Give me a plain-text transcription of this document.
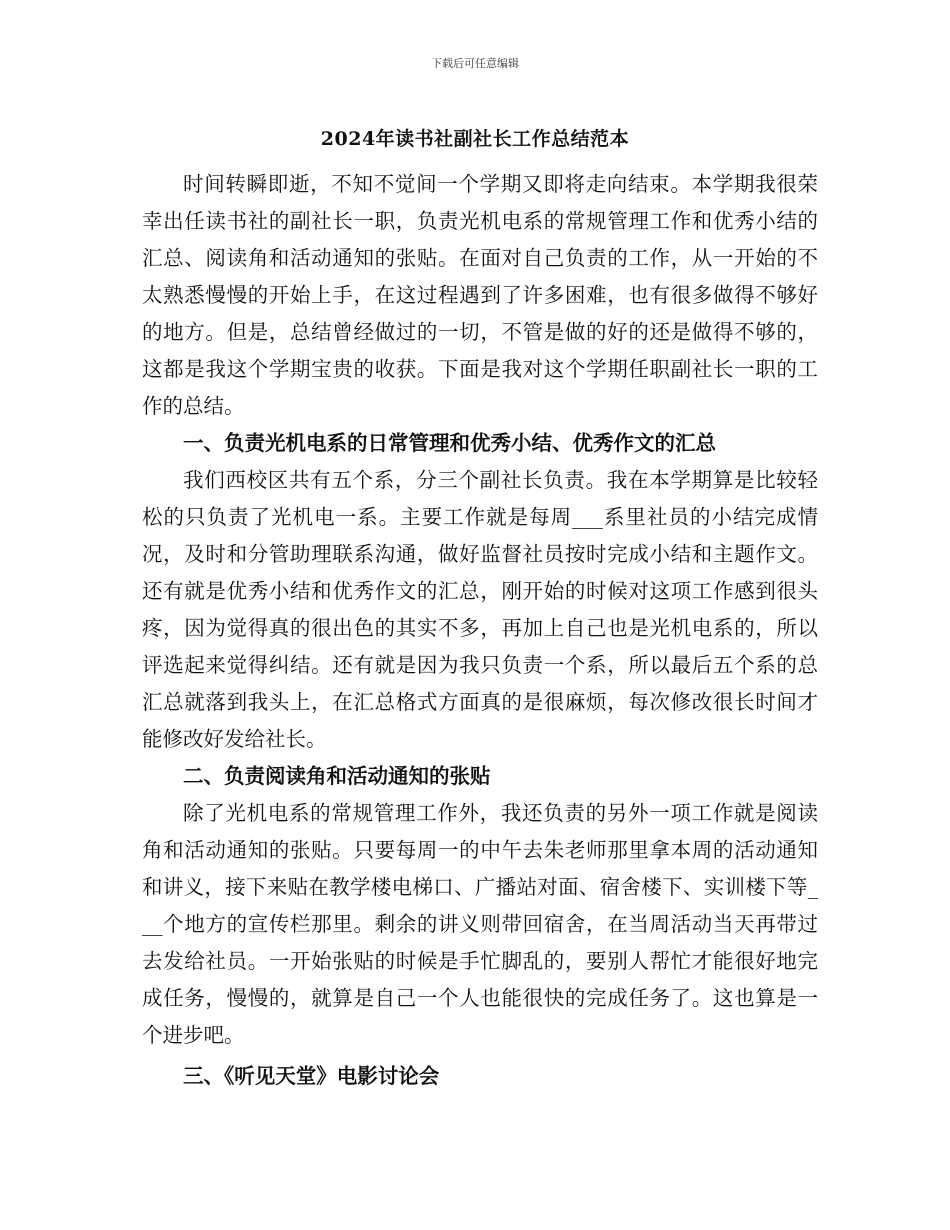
下载后可任意编辑
2024年读书社副社长工作总结范本

时间转瞬即逝，不知不觉间一个学期又即将走向结束。本学期我很荣幸出任读书社的副社长一职，负责光机电系的常规管理工作和优秀小结的汇总、阅读角和活动通知的张贴。在面对自己负责的工作，从一开始的不太熟悉慢慢的开始上手，在这过程遇到了许多困难，也有很多做得不够好的地方。但是，总结曾经做过的一切，不管是做的好的还是做得不够的，这都是我这个学期宝贵的收获。下面是我对这个学期任职副社长一职的工作的总结。

一、负责光机电系的日常管理和优秀小结、优秀作文的汇总

我们西校区共有五个系，分三个副社长负责。我在本学期算是比较轻松的只负责了光机电一系。主要工作就是每周___系里社员的小结完成情况，及时和分管助理联系沟通，做好监督社员按时完成小结和主题作文。还有就是优秀小结和优秀作文的汇总，刚开始的时候对这项工作感到很头疼，因为觉得真的很出色的其实不多，再加上自己也是光机电系的，所以评选起来觉得纠结。还有就是因为我只负责一个系，所以最后五个系的总汇总就落到我头上，在汇总格式方面真的是很麻烦，每次修改很长时间才能修改好发给社长。

二、负责阅读角和活动通知的张贴

除了光机电系的常规管理工作外，我还负责的另外一项工作就是阅读角和活动通知的张贴。只要每周一的中午去朱老师那里拿本周的活动通知和讲义，接下来贴在教学楼电梯口、广播站对面、宿舍楼下、实训楼下等___个地方的宣传栏那里。剩余的讲义则带回宿舍，在当周活动当天再带过去发给社员。一开始张贴的时候是手忙脚乱的，要别人帮忙才能很好地完成任务，慢慢的，就算是自己一个人也能很快的完成任务了。这也算是一个进步吧。

三、《听见天堂》电影讨论会
